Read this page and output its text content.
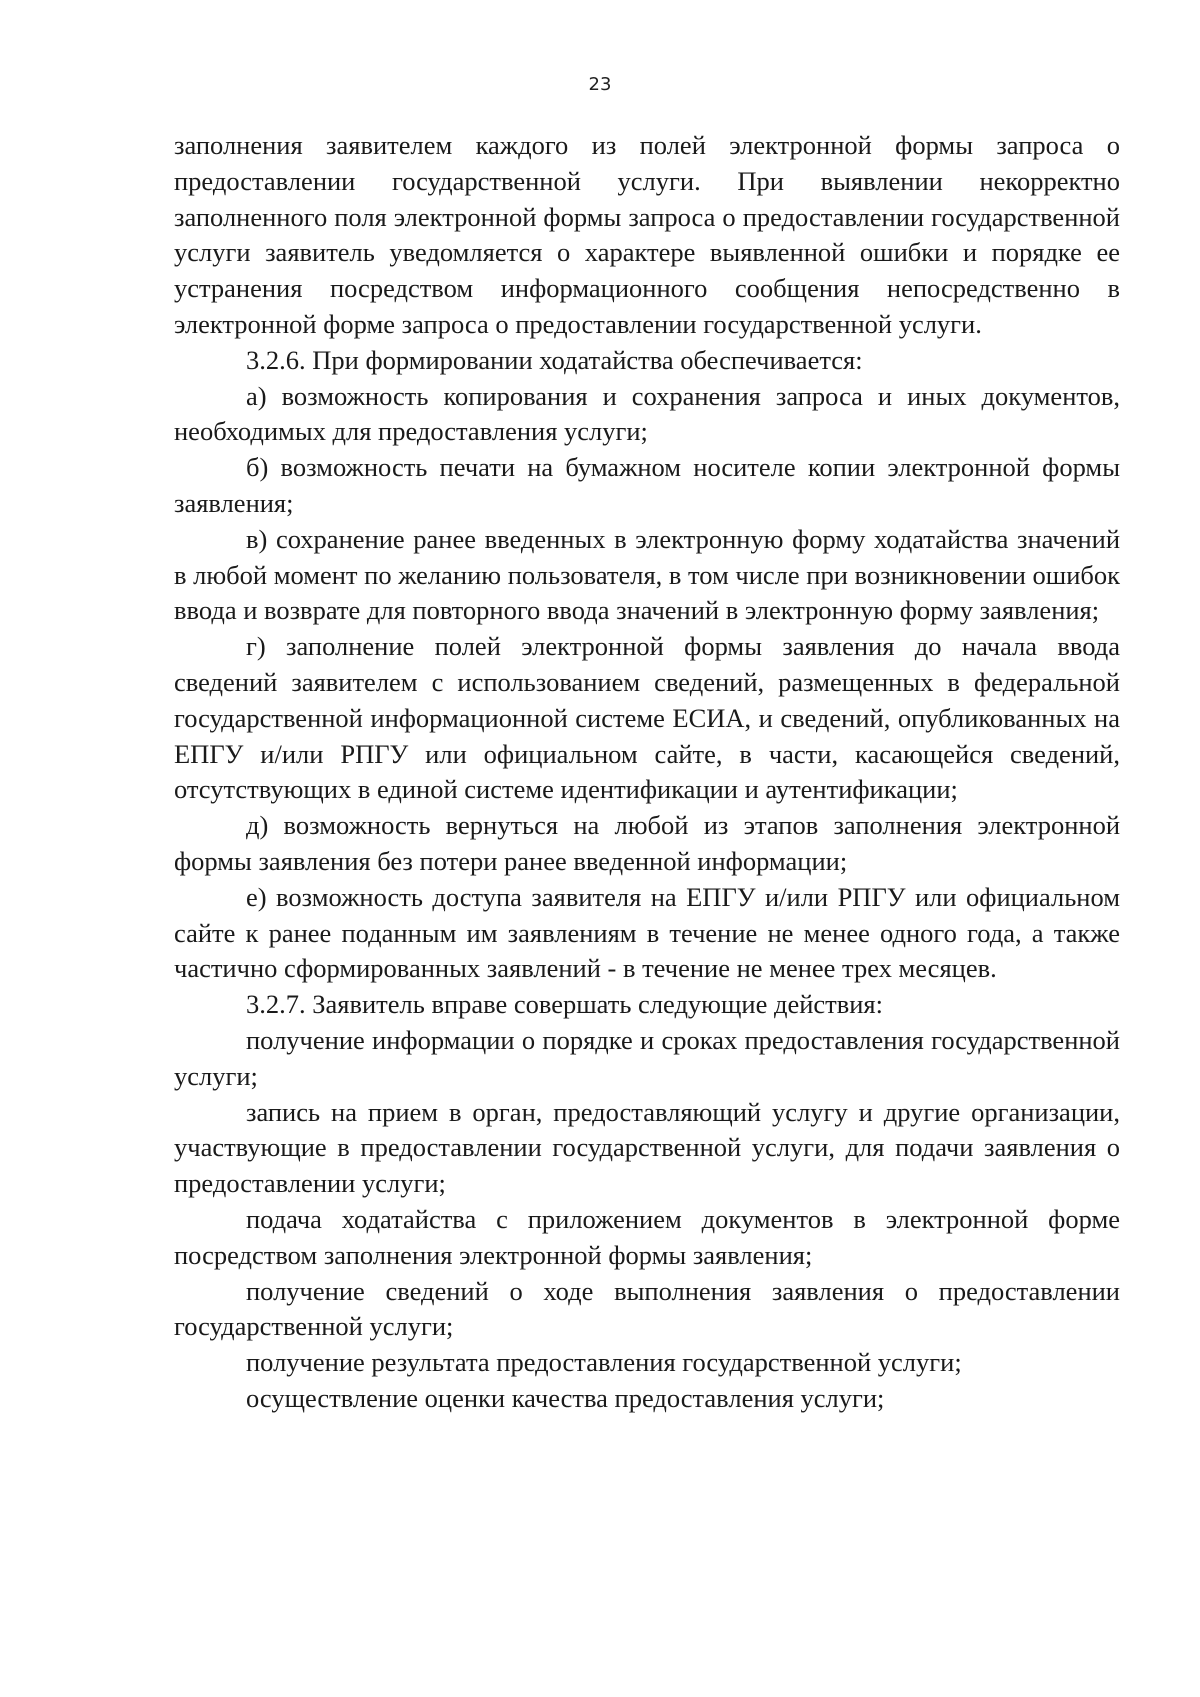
23

заполнения заявителем каждого из полей электронной формы запроса о предоставлении государственной услуги. При выявлении некорректно заполненного поля электронной формы запроса о предоставлении государственной услуги заявитель уведомляется о характере выявленной ошибки и порядке ее устранения посредством информационного сообщения непосредственно в электронной форме запроса о предоставлении государственной услуги.

3.2.6. При формировании ходатайства обеспечивается:

а) возможность копирования и сохранения запроса и иных документов, необходимых для предоставления услуги;

б) возможность печати на бумажном носителе копии электронной формы заявления;

в) сохранение ранее введенных в электронную форму ходатайства значений в любой момент по желанию пользователя, в том числе при возникновении ошибок ввода и возврате для повторного ввода значений в электронную форму заявления;

г) заполнение полей электронной формы заявления до начала ввода сведений заявителем с использованием сведений, размещенных в федеральной государственной информационной системе ЕСИА, и сведений, опубликованных на ЕПГУ и/или РПГУ или официальном сайте, в части, касающейся сведений, отсутствующих в единой системе идентификации и аутентификации;

д) возможность вернуться на любой из этапов заполнения электронной формы заявления без потери ранее введенной информации;

е) возможность доступа заявителя на ЕПГУ и/или РПГУ или официальном сайте к ранее поданным им заявлениям в течение не менее одного года, а также частично сформированных заявлений - в течение не менее трех месяцев.

3.2.7. Заявитель вправе совершать следующие действия:

получение информации о порядке и сроках предоставления государственной услуги;

запись на прием в орган, предоставляющий услугу и другие организации, участвующие в предоставлении государственной услуги, для подачи заявления о предоставлении услуги;

подача ходатайства с приложением документов в электронной форме посредством заполнения электронной формы заявления;

получение сведений о ходе выполнения заявления о предоставлении государственной услуги;

получение результата предоставления государственной услуги;

осуществление оценки качества предоставления услуги;
